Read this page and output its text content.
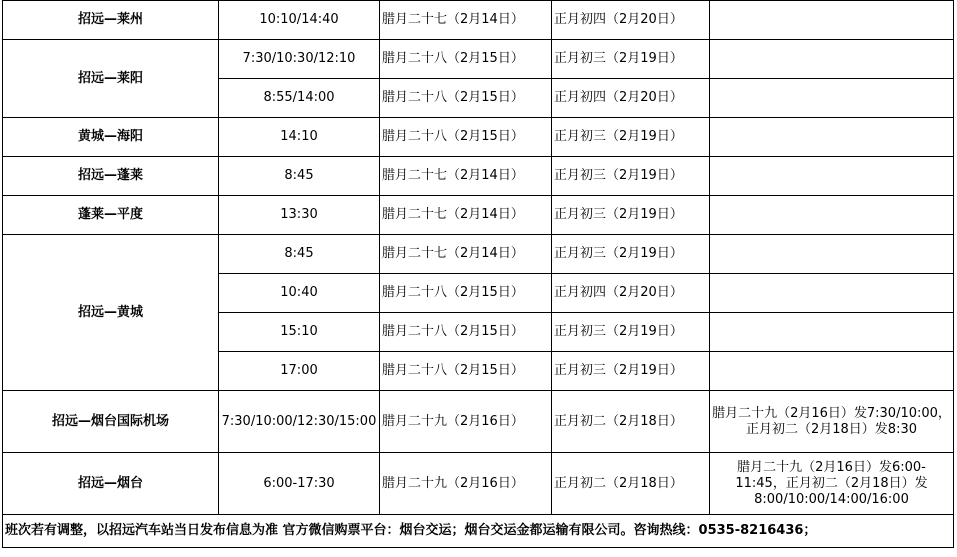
招远—莱州	10:10/14:40	腊月二十七（2月14日）	正月初四（2月20日）	
招远—莱阳	7:30/10:30/12:10	腊月二十八（2月15日）	正月初三（2月19日）	
	8:55/14:00	腊月二十八（2月15日）	正月初四（2月20日）	
黄城—海阳	14:10	腊月二十八（2月15日）	正月初三（2月19日）	
招远—蓬莱	8:45	腊月二十七（2月14日）	正月初三（2月19日）	
蓬莱—平度	13:30	腊月二十七（2月14日）	正月初三（2月19日）	
招远—黄城	8:45	腊月二十七（2月14日）	正月初三（2月19日）	
	10:40	腊月二十八（2月15日）	正月初四（2月20日）	
	15:10	腊月二十八（2月15日）	正月初三（2月19日）	
	17:00	腊月二十八（2月15日）	正月初三（2月19日）	
招远—烟台国际机场	7:30/10:00/12:30/15:00	腊月二十九（2月16日）	正月初二（2月18日）	腊月二十九（2月16日）发7:30/10:00，正月初二（2月18日）发8:30
招远—烟台	6:00-17:30	腊月二十九（2月16日）	正月初二（2月18日）	腊月二十九（2月16日）发6:00-11:45，正月初二（2月18日）发8:00/10:00/14:00/16:00
班次若有调整，以招远汽车站当日发布信息为准 官方微信购票平台：烟台交运；烟台交运金都运输有限公司。咨询热线：0535-8216436；				
